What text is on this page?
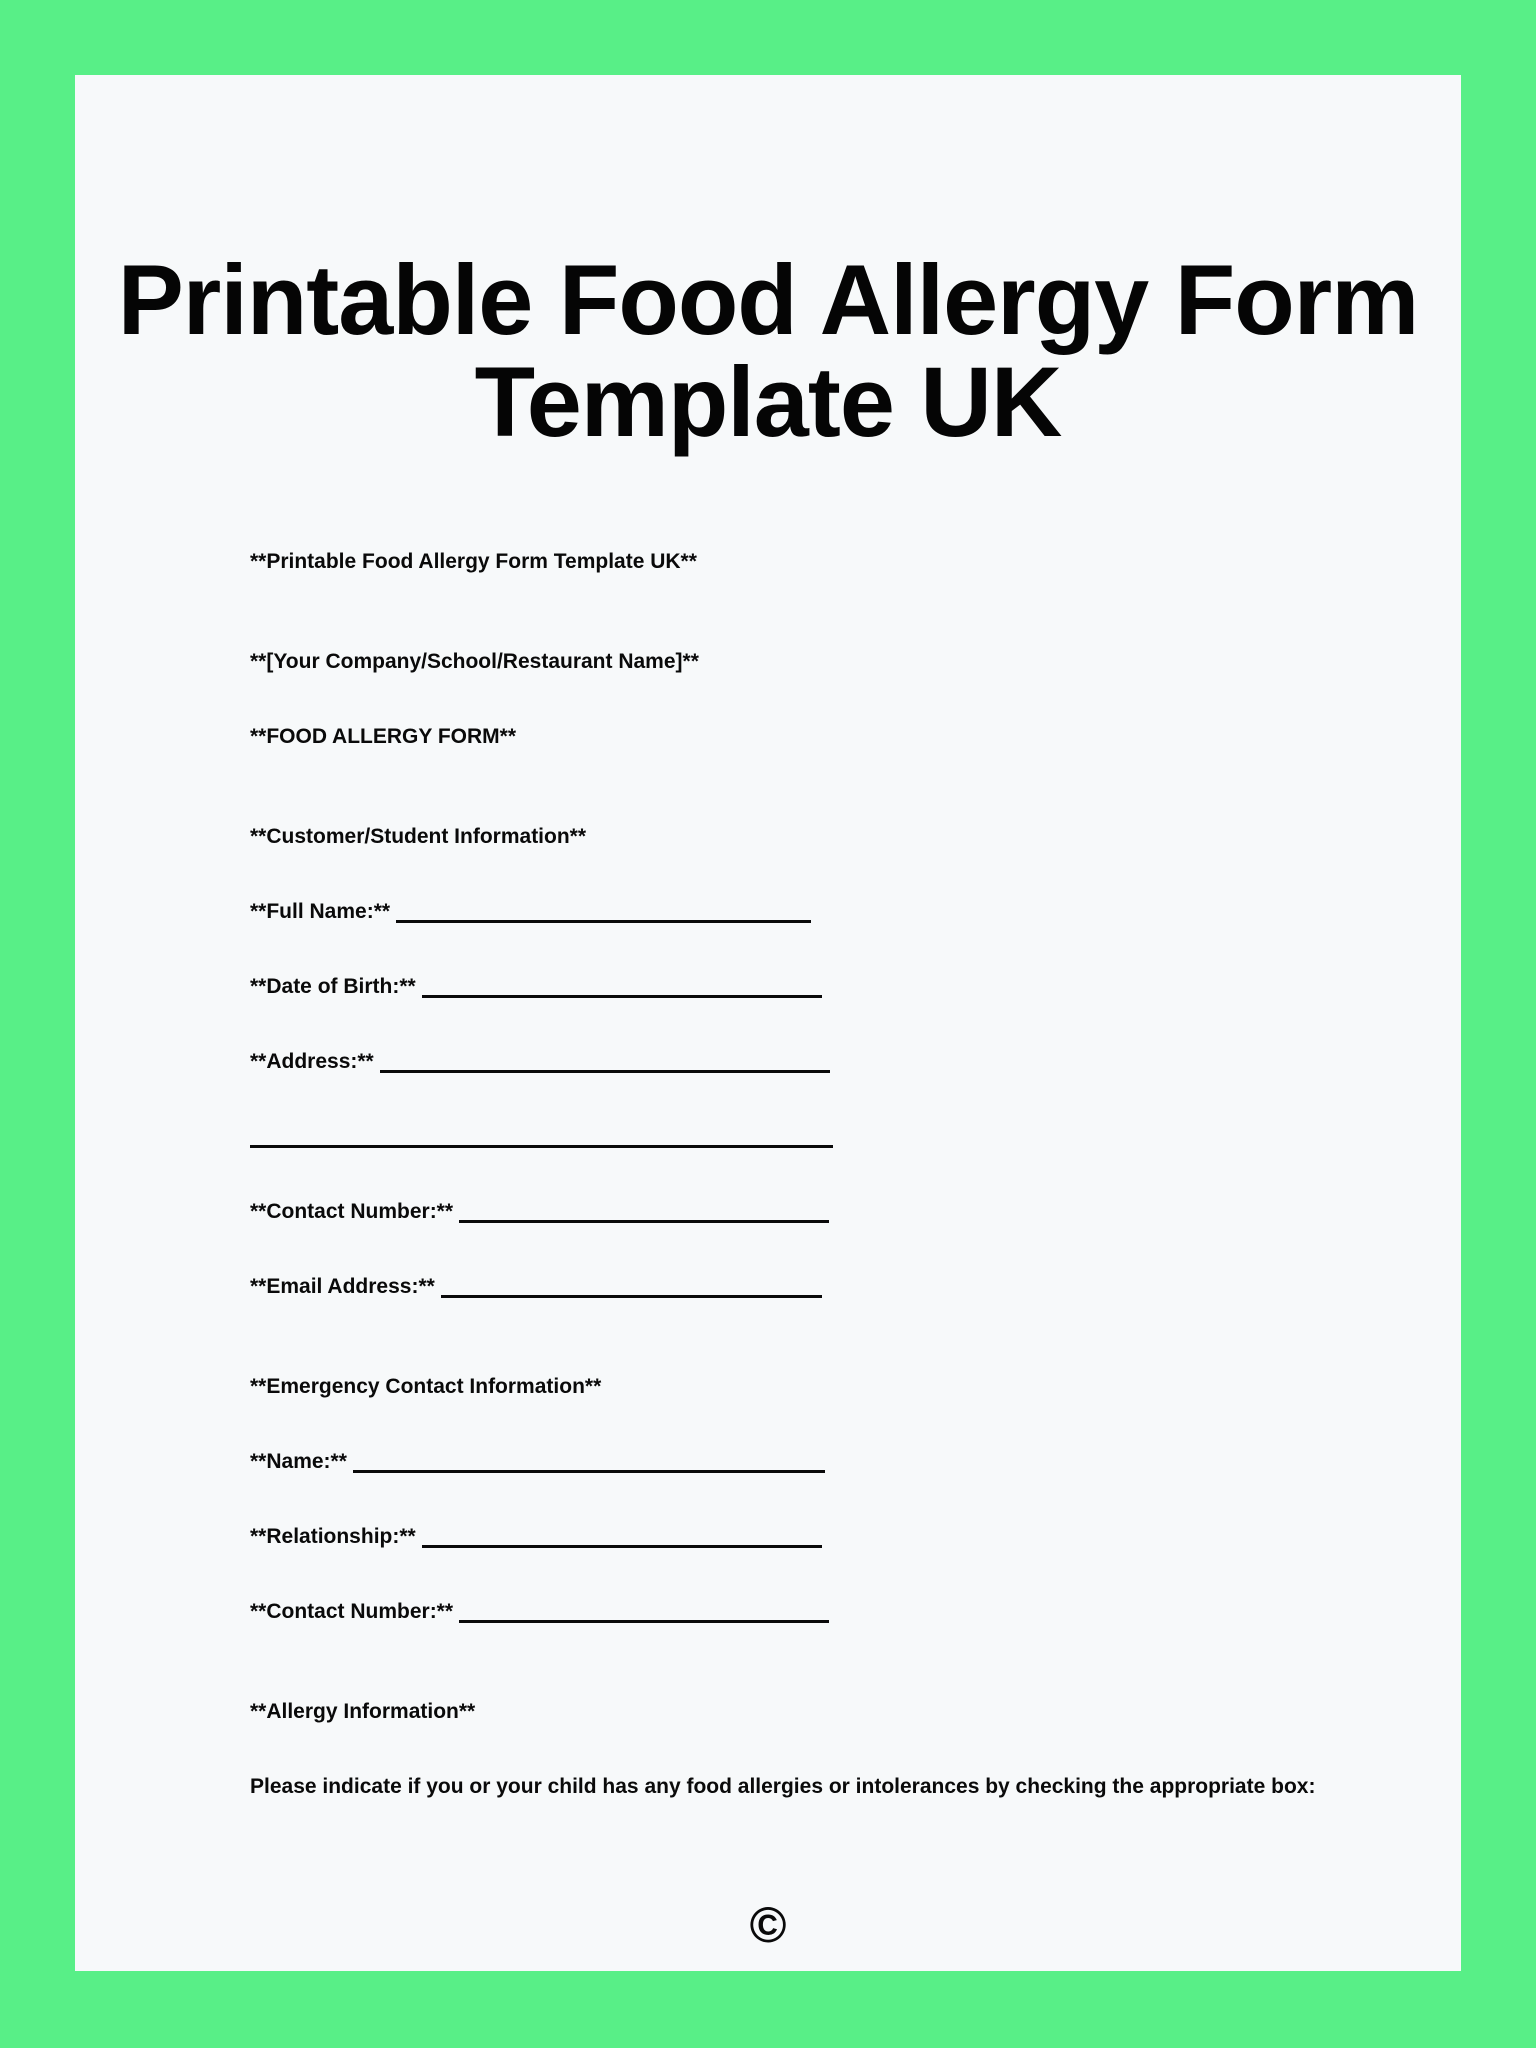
Printable Food Allergy Form Template UK
**Printable Food Allergy Form Template UK**
**[Your Company/School/Restaurant Name]**
**FOOD ALLERGY FORM**
**Customer/Student Information**
**Full Name:**
**Date of Birth:**
**Address:**
**Contact Number:**
**Email Address:**
**Emergency Contact Information**
**Name:**
**Relationship:**
**Contact Number:**
**Allergy Information**
Please indicate if you or your child has any food allergies or intolerances by checking the appropriate box:
©
